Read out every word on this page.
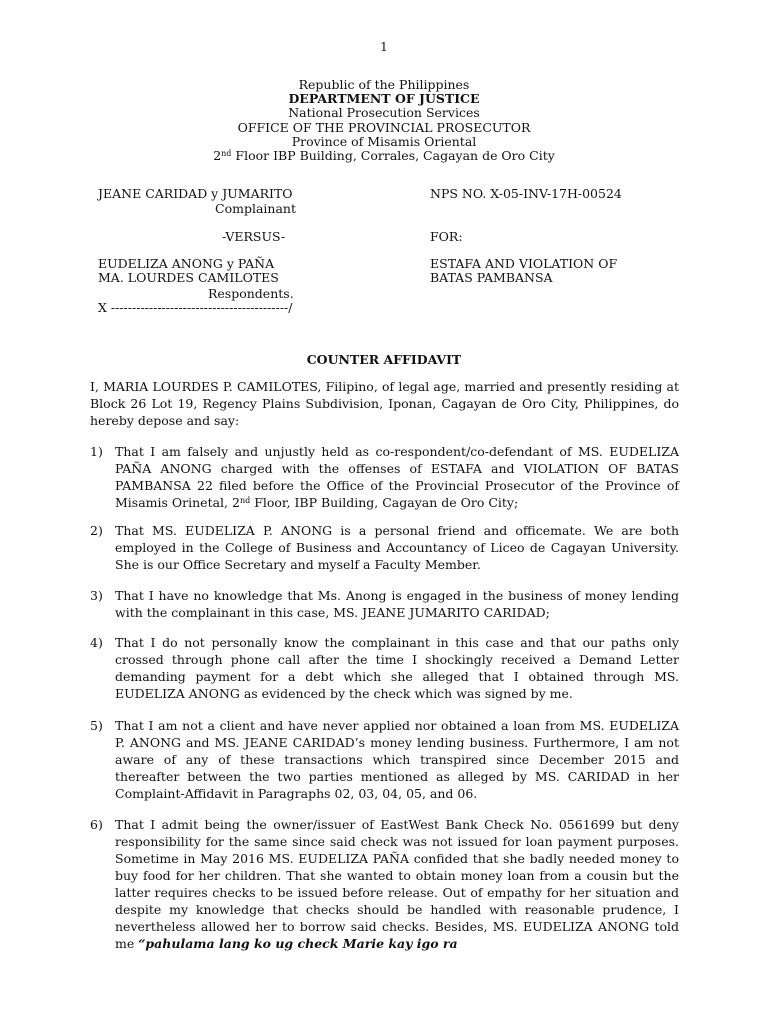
1
Republic of the Philippines
DEPARTMENT OF JUSTICE
National Prosecution Services
OFFICE OF THE PROVINCIAL PROSECUTOR
Province of Misamis Oriental
2nd Floor IBP Building, Corrales, Cagayan de Oro City
JEANE CARIDAD y JUMARITO
Complainant
-VERSUS-
EUDELIZA ANONG y PAÑA
MA. LOURDES CAMILOTES
Respondents.
X ------------------------------------------/
NPS NO. X-05-INV-17H-00524
FOR:
ESTAFA AND VIOLATION OF
BATAS PAMBANSA
COUNTER AFFIDAVIT
I, MARIA LOURDES P. CAMILOTES, Filipino, of legal age, married and presently residing at Block 26 Lot 19, Regency Plains Subdivision, Iponan, Cagayan de Oro City, Philippines, do hereby depose and say:
1) That I am falsely and unjustly held as co-respondent/co-defendant of MS. EUDELIZA PAÑA ANONG charged with the offenses of ESTAFA and VIOLATION OF BATAS PAMBANSA 22 filed before the Office of the Provincial Prosecutor of the Province of Misamis Orinetal, 2nd Floor, IBP Building, Cagayan de Oro City;
2) That MS. EUDELIZA P. ANONG is a personal friend and officemate. We are both employed in the College of Business and Accountancy of Liceo de Cagayan University. She is our Office Secretary and myself a Faculty Member.
3) That I have no knowledge that Ms. Anong is engaged in the business of money lending with the complainant in this case, MS. JEANE JUMARITO CARIDAD;
4) That I do not personally know the complainant in this case and that our paths only crossed through phone call after the time I shockingly received a Demand Letter demanding payment for a debt which she alleged that I obtained through MS. EUDELIZA ANONG as evidenced by the check which was signed by me.
5) That I am not a client and have never applied nor obtained a loan from MS. EUDELIZA P. ANONG and MS. JEANE CARIDAD’s money lending business. Furthermore, I am not aware of any of these transactions which transpired since December 2015 and thereafter between the two parties mentioned as alleged by MS. CARIDAD in her Complaint-Affidavit in Paragraphs 02, 03, 04, 05, and 06.
6) That I admit being the owner/issuer of EastWest Bank Check No. 0561699 but deny responsibility for the same since said check was not issued for loan payment purposes. Sometime in May 2016 MS. EUDELIZA PAÑA confided that she badly needed money to buy food for her children. That she wanted to obtain money loan from a cousin but the latter requires checks to be issued before release. Out of empathy for her situation and despite my knowledge that checks should be handled with reasonable prudence, I nevertheless allowed her to borrow said checks. Besides, MS. EUDELIZA ANONG told me “pahulama lang ko ug check Marie kay igo ra
